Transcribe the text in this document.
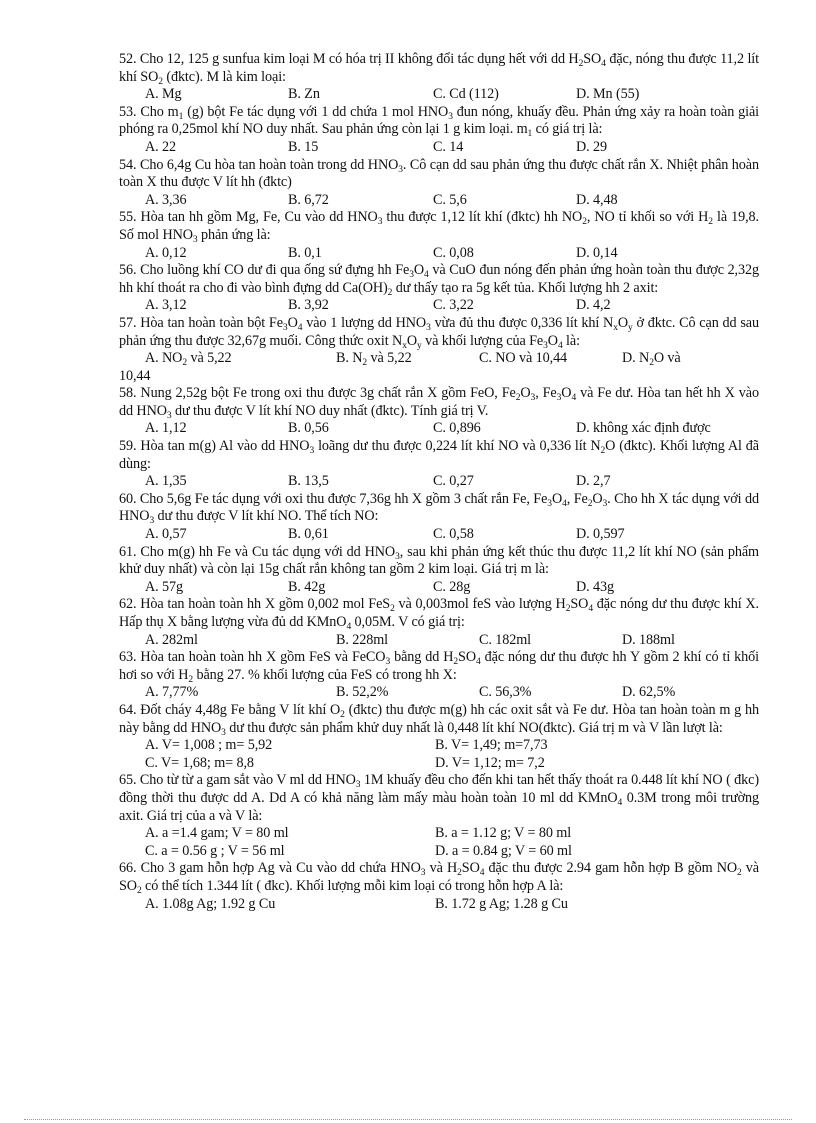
52. Cho 12, 125 g sunfua kim loại M có hóa trị II không đổi tác dụng hết với dd $H_2SO_4$ đặc, nóng thu được 11,2 lít khí $SO_2$ (đktc). M là kim loại:
A. Mg	B. Zn	C. Cd (112)	D. Mn (55)
53. Cho $m_1$ (g) bột Fe tác dụng với 1 dd chứa 1 mol $HNO_3$ đun nóng, khuấy đều. Phản ứng xảy ra hoàn toàn giải phóng ra 0,25mol khí NO duy nhất. Sau phản ứng còn lại 1 g kim loại. $m_1$ có giá trị là:
A. 22	B. 15	C. 14	D. 29
54. Cho 6,4g Cu hòa tan hoàn toàn trong dd $HNO_3$. Cô cạn dd sau phản ứng thu được chất rắn X. Nhiệt phân hoàn toàn X thu được V lít hh (đktc)
A. 3,36	B. 6,72	C. 5,6	D. 4,48
55. Hòa tan hh gồm Mg, Fe, Cu vào dd $HNO_3$ thu được 1,12 lít khí (đktc) hh $NO_2$, NO tỉ khối so với $H_2$ là 19,8. Số mol $HNO_3$ phản ứng là:
A. 0,12	B. 0,1	C. 0,08	D. 0,14
56. Cho luồng khí CO dư đi qua ống sứ đựng hh $Fe_3O_4$ và CuO đun nóng đến phản ứng hoàn toàn thu được 2,32g hh khí thoát ra cho đi vào bình đựng dd $Ca(OH)_2$ dư thấy tạo ra 5g kết tủa. Khối lượng hh 2 axit:
A. 3,12	B. 3,92	C. 3,22	D. 4,2
57. Hòa tan hoàn toàn bột $Fe_3O_4$ vào 1 lượng dd $HNO_3$ vừa đủ thu được 0,336 lít khí $N_xO_y$ ở đktc. Cô cạn dd sau phản ứng thu được 32,67g muối. Công thức oxit $N_xO_y$ và khối lượng của $Fe_3O_4$ là:
A. $NO_2$ và 5,22	B. $N_2$ và 5,22	C. NO và 10,44	D. $N_2O$ và
10,44
58. Nung 2,52g bột Fe trong oxi thu được 3g chất rắn X gồm FeO, $Fe_2O_3$, $Fe_3O_4$ và Fe dư. Hòa tan hết hh X vào dd $HNO_3$ dư thu được V lít khí NO duy nhất (đktc). Tính giá trị V.
A. 1,12	B. 0,56	C. 0,896	D. không xác định được
59. Hòa tan m(g) Al vào dd $HNO_3$ loãng dư thu được 0,224 lít khí NO và 0,336 lít $N_2O$ (đktc). Khối lượng Al đã dùng:
A. 1,35	B. 13,5	C. 0,27	D. 2,7
60. Cho 5,6g Fe tác dụng với oxi thu được 7,36g hh X gồm 3 chất rắn Fe, $Fe_3O_4$, $Fe_2O_3$. Cho hh X tác dụng với dd $HNO_3$ dư thu được V lít khí NO. Thể tích NO:
A. 0,57	B. 0,61	C. 0,58	D. 0,597
61. Cho m(g) hh Fe và Cu tác dụng với dd $HNO_3$, sau khi phản ứng kết thúc thu được 11,2 lít khí NO (sản phẩm khử duy nhất) và còn lại 15g chất rắn không tan gồm 2 kim loại. Giá trị m là:
A. 57g	B. 42g	C. 28g	D. 43g
62. Hòa tan hoàn toàn hh X gồm 0,002 mol FeS$_2$ và 0,003mol feS vào lượng $H_2SO_4$ đặc nóng dư thu được khí X. Hấp thụ X bằng lượng vừa đủ dd KMnO$_4$ 0,05M. V có giá trị:
A. 282ml	B. 228ml	C. 182ml	D. 188ml
63. Hòa tan hoàn toàn hh X gồm FeS và FeCO$_3$ bằng dd $H_2SO_4$ đặc nóng dư thu được hh Y gồm 2 khí có tỉ khối hơi so với $H_2$ bằng 27. % khối lượng của FeS có trong hh X:
A. 7,77%	B. 52,2%	C. 56,3%	D. 62,5%
64. Đốt cháy 4,48g Fe bằng V lít khí $O_2$ (đktc) thu được m(g) hh các oxit sắt và Fe dư. Hòa tan hoàn toàn m g hh này bằng dd $HNO_3$ dư thu được sản phẩm khử duy nhất là 0,448 lít khí NO(đktc). Giá trị m và V lần lượt là:
A. V= 1,008 ; m= 5,92	B. V= 1,49; m=7,73
C. V= 1,68; m= 8,8	D. V= 1,12; m= 7,2
65. Cho từ từ a gam sắt vào V ml dd $HNO_3$ 1M khuấy đều cho đến khi tan hết thấy thoát ra 0.448 lít khí NO ( đkc) đồng thời thu được dd A. Dd A có khả năng làm mấy màu hoàn toàn 10 ml dd KMnO$_4$ 0.3M trong môi trường axit. Giá trị của a và V là:
A. a =1.4 gam; V = 80 ml	B. a = 1.12 g; V = 80 ml
C. a = 0.56 g ; V = 56 ml	D. a = 0.84 g; V = 60 ml
66. Cho 3 gam hỗn hợp Ag và Cu vào dd chứa $HNO_3$ và $H_2SO_4$ đặc thu được 2.94 gam hỗn hợp B gồm $NO_2$ và $SO_2$ có thể tích 1.344 lít ( đkc). Khối lượng mỗi kim loại có trong hỗn hợp A là:
A. 1.08g Ag; 1.92 g Cu	B. 1.72 g Ag; 1.28 g Cu
